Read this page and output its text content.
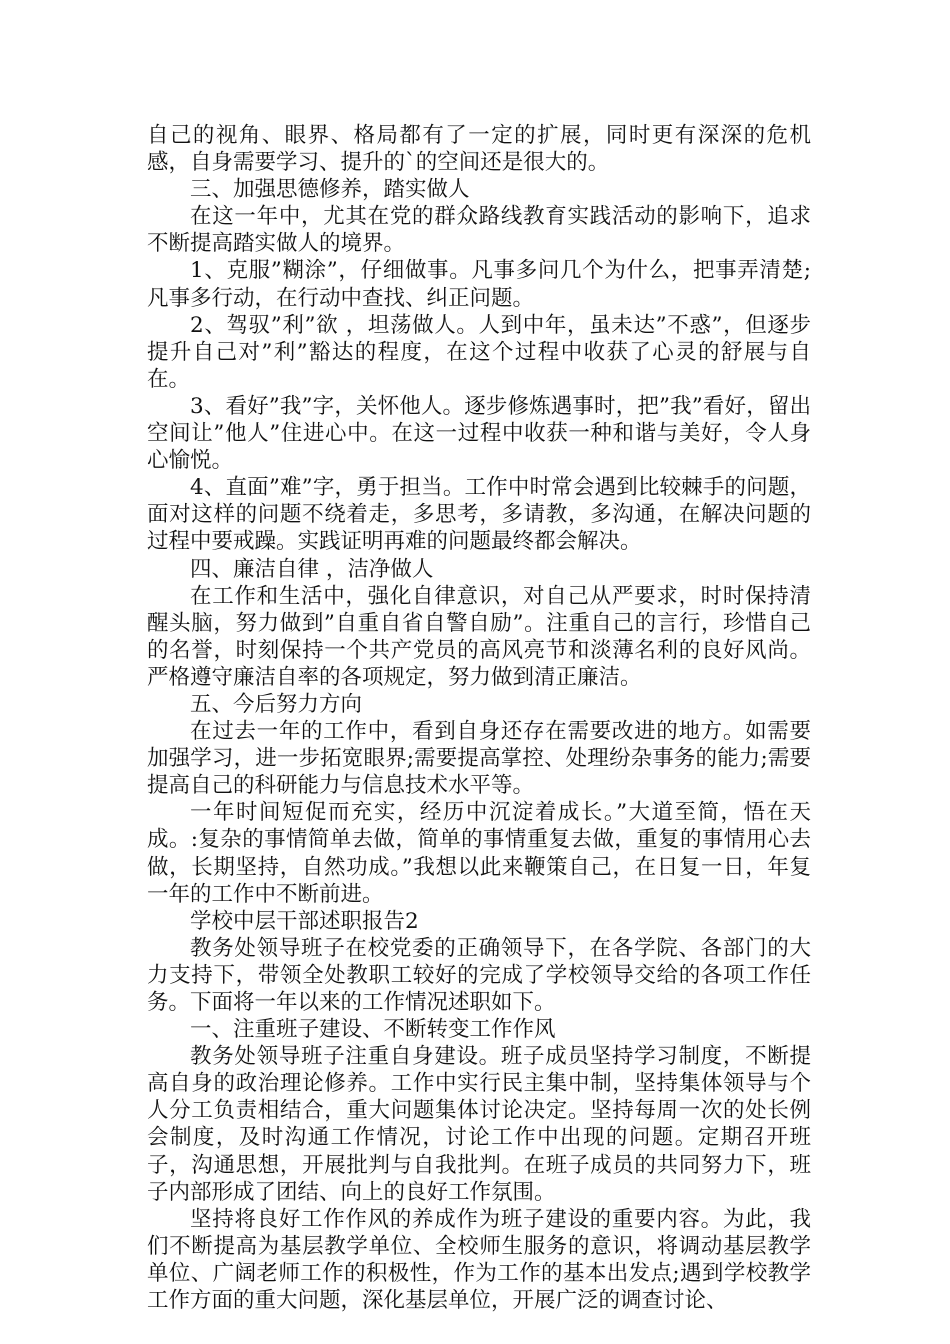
自己的视角、眼界、格局都有了一定的扩展，同时更有深深的危机感，自身需要学习、提升的`的空间还是很大的。

三、加强思德修养，踏实做人

在这一年中，尤其在党的群众路线教育实践活动的影响下，追求不断提高踏实做人的境界。

1、克服”糊涂”，仔细做事。凡事多问几个为什么，把事弄清楚;凡事多行动，在行动中查找、纠正问题。

2、驾驭”利”欲 ，坦荡做人。人到中年，虽未达”不惑”，但逐步提升自己对”利”豁达的程度，在这个过程中收获了心灵的舒展与自在。

3、看好”我”字，关怀他人。逐步修炼遇事时，把”我”看好，留出空间让”他人”住进心中。在这一过程中收获一种和谐与美好，令人身心愉悦。

4、直面”难”字，勇于担当。工作中时常会遇到比较棘手的问题，面对这样的问题不绕着走，多思考，多请教，多沟通，在解决问题的过程中要戒躁。实践证明再难的问题最终都会解决。

四、廉洁自律 ，洁净做人

在工作和生活中，强化自律意识，对自己从严要求，时时保持清醒头脑，努力做到”自重自省自警自励”。注重自己的言行，珍惜自己的名誉，时刻保持一个共产党员的高风亮节和淡薄名利的良好风尚。严格遵守廉洁自率的各项规定，努力做到清正廉洁。

五、今后努力方向

在过去一年的工作中，看到自身还存在需要改进的地方。如需要加强学习，进一步拓宽眼界;需要提高掌控、处理纷杂事务的能力;需要提高自己的科研能力与信息技术水平等。

一年时间短促而充实，经历中沉淀着成长。”大道至简，悟在天成。:复杂的事情简单去做，简单的事情重复去做，重复的事情用心去做，长期坚持，自然功成。”我想以此来鞭策自己，在日复一日，年复一年的工作中不断前进。

学校中层干部述职报告2

教务处领导班子在校党委的正确领导下，在各学院、各部门的大力支持下，带领全处教职工较好的完成了学校领导交给的各项工作任务。下面将一年以来的工作情况述职如下。

一、注重班子建设、不断转变工作作风

教务处领导班子注重自身建设。班子成员坚持学习制度，不断提高自身的政治理论修养。工作中实行民主集中制，坚持集体领导与个人分工负责相结合，重大问题集体讨论决定。坚持每周一次的处长例会制度，及时沟通工作情况，讨论工作中出现的问题。定期召开班子，沟通思想，开展批判与自我批判。在班子成员的共同努力下，班子内部形成了团结、向上的良好工作氛围。

坚持将良好工作作风的养成作为班子建设的重要内容。为此，我们不断提高为基层教学单位、全校师生服务的意识，将调动基层教学单位、广阔老师工作的积极性，作为工作的基本出发点;遇到学校教学工作方面的重大问题，深化基层单位，开展广泛的调查讨论、
